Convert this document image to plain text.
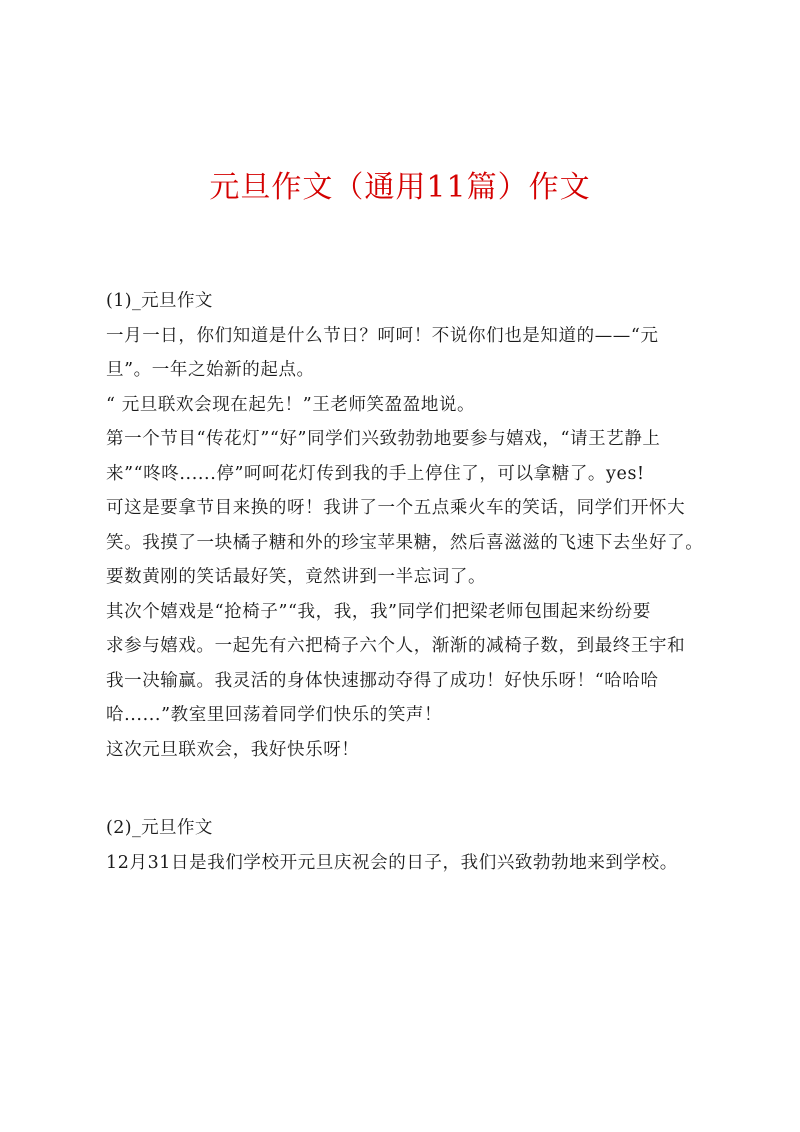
元旦作文（通用11篇）作文
(1)_元旦作文
一月一日，你们知道是什么节日？呵呵！不说你们也是知道的——“元
旦”。一年之始新的起点。
“ 元旦联欢会现在起先！”王老师笑盈盈地说。
第一个节目“传花灯”“好”同学们兴致勃勃地要参与嬉戏，“请王艺静上
来”“咚咚......停”呵呵花灯传到我的手上停住了，可以拿糖了。yes!
可这是要拿节目来换的呀！我讲了一个五点乘火车的笑话，同学们开怀大
笑。我摸了一块橘子糖和外的珍宝苹果糖，然后喜滋滋的飞速下去坐好了。
要数黄刚的笑话最好笑，竟然讲到一半忘词了。
其次个嬉戏是“抢椅子”“我，我，我”同学们把梁老师包围起来纷纷要
求参与嬉戏。一起先有六把椅子六个人，渐渐的减椅子数，到最终王宇和
我一决输赢。我灵活的身体快速挪动夺得了成功！好快乐呀！“哈哈哈
哈......”教室里回荡着同学们快乐的笑声！
这次元旦联欢会，我好快乐呀！
(2)_元旦作文
12月31日是我们学校开元旦庆祝会的日子，我们兴致勃勃地来到学校。
